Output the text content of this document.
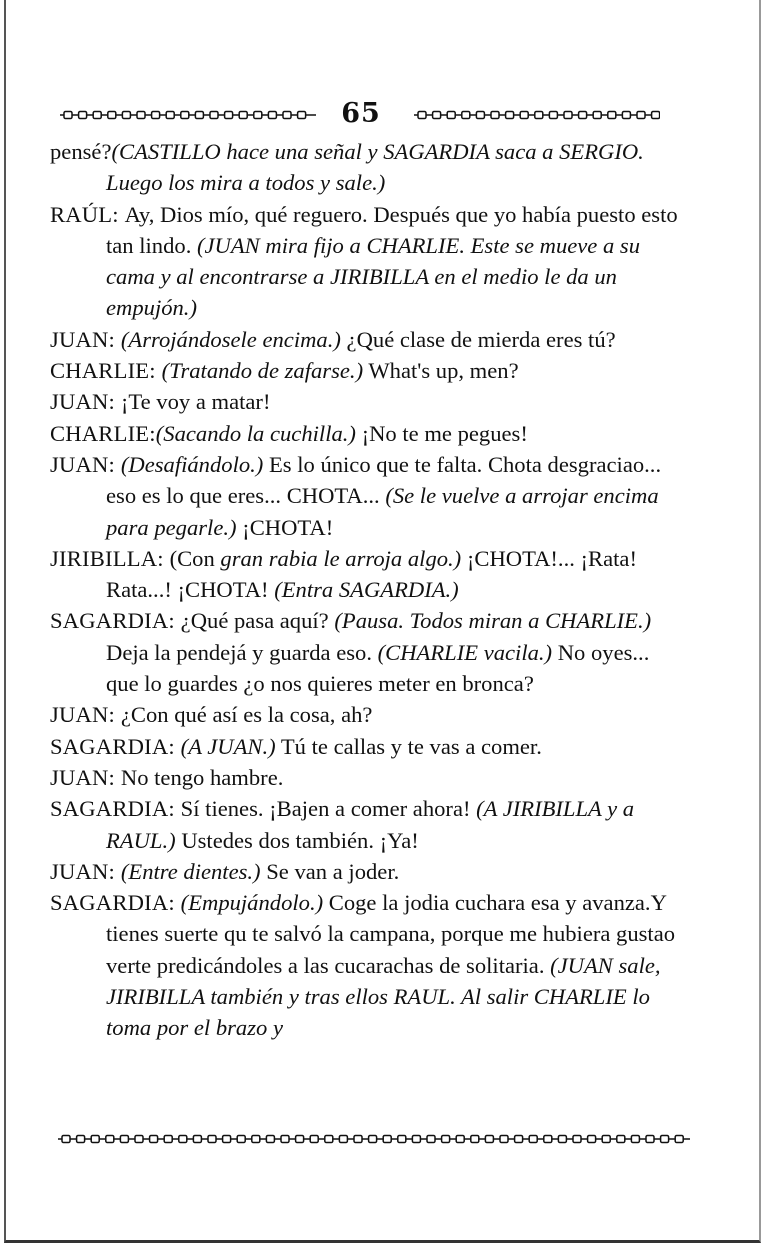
65

pensé?(CASTILLO hace una señal y SAGARDIA saca a SERGIO. Luego los mira a todos y sale.)

RAÚL: Ay, Dios mío, qué reguero. Después que yo había puesto esto tan lindo. (JUAN mira fijo a CHARLIE. Este se mueve a su cama y al encontrarse a JIRIBILLA en el medio le da un empujón.)

JUAN: (Arrojándosele encima.) ¿Qué clase de mierda eres tú?

CHARLIE: (Tratando de zafarse.) What's up, men?

JUAN: ¡Te voy a matar!

CHARLIE:(Sacando la cuchilla.) ¡No te me pegues!

JUAN: (Desafiándolo.) Es lo único que te falta. Chota desgraciao... eso es lo que eres... CHOTA... (Se le vuelve a arrojar encima para pegarle.) ¡CHOTA!

JIRIBILLA: (Con gran rabia le arroja algo.) ¡CHOTA!... ¡Rata! Rata...! ¡CHOTA! (Entra SAGARDIA.)

SAGARDIA: ¿Qué pasa aquí? (Pausa. Todos miran a CHARLIE.) Deja la pendejá y guarda eso. (CHARLIE vacila.) No oyes... que lo guardes ¿o nos quieres meter en bronca?

JUAN: ¿Con qué así es la cosa, ah?

SAGARDIA: (A JUAN.) Tú te callas y te vas a comer.

JUAN: No tengo hambre.

SAGARDIA: Sí tienes. ¡Bajen a comer ahora! (A JIRIBILLA y a RAUL.) Ustedes dos también. ¡Ya!

JUAN: (Entre dientes.) Se van a joder.

SAGARDIA: (Empujándolo.) Coge la jodia cuchara esa y avanza.Y tienes suerte qu te salvó la campana, porque me hubiera gustao verte predicándoles a las cucarachas de solitaria. (JUAN sale, JIRIBILLA también y tras ellos RAUL. Al salir CHARLIE lo toma por el brazo y
